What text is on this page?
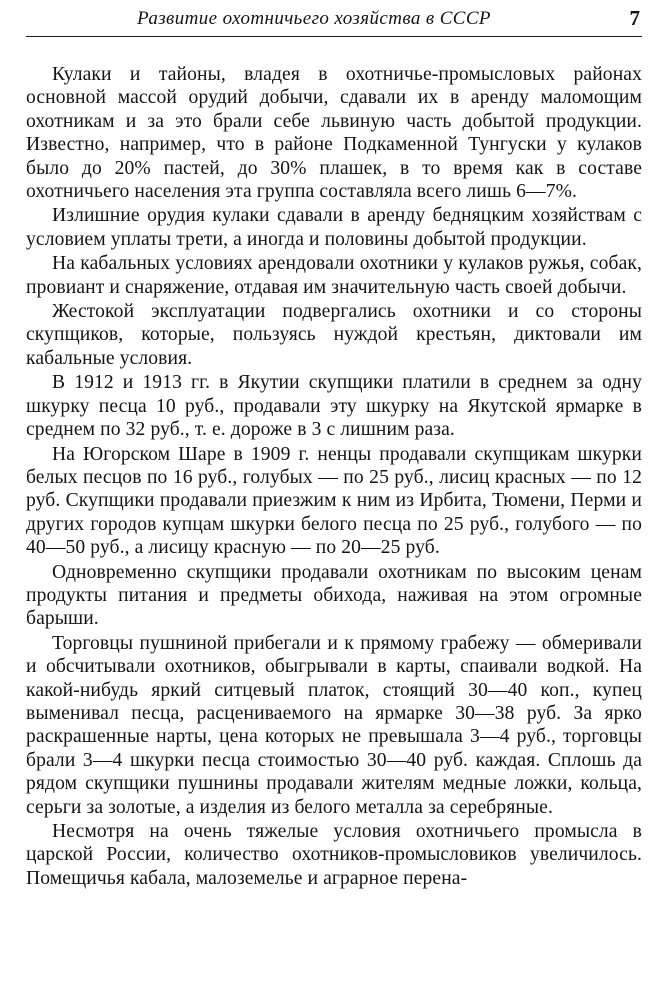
Развитие охотничьего хозяйства в СССР	7

Кулаки и тайоны, владея в охотничье-промысловых районах основной массой орудий добычи, сдавали их в аренду маломощим охотникам и за это брали себе львиную часть добытой продукции. Известно, например, что в районе Подкаменной Тунгуски у кулаков было до 20% пастей, до 30% плашек, в то время как в составе охотничьего населения эта группа составляла всего лишь 6—7%.

Излишние орудия кулаки сдавали в аренду бедняцким хозяйствам с условием уплаты трети, а иногда и половины добытой продукции.

На кабальных условиях арендовали охотники у кулаков ружья, собак, провиант и снаряжение, отдавая им значительную часть своей добычи.

Жестокой эксплуатации подвергались охотники и со стороны скупщиков, которые, пользуясь нуждой крестьян, диктовали им кабальные условия.

В 1912 и 1913 гг. в Якутии скупщики платили в среднем за одну шкурку песца 10 руб., продавали эту шкурку на Якутской ярмарке в среднем по 32 руб., т. е. дороже в 3 с лишним раза.

На Югорском Шаре в 1909 г. ненцы продавали скупщикам шкурки белых песцов по 16 руб., голубых — по 25 руб., лисиц красных — по 12 руб. Скупщики продавали приезжим к ним из Ирбита, Тюмени, Перми и других городов купцам шкурки белого песца по 25 руб., голубого — по 40—50 руб., а лисицу красную — по 20—25 руб.

Одновременно скупщики продавали охотникам по высоким ценам продукты питания и предметы обихода, наживая на этом огромные барыши.

Торговцы пушниной прибегали и к прямому грабежу — обмеривали и обсчитывали охотников, обыгрывали в карты, спаивали водкой. На какой-нибудь яркий ситцевый платок, стоящий 30—40 коп., купец выменивал песца, расцениваемого на ярмарке 30—38 руб. За ярко раскрашенные нарты, цена которых не превышала 3—4 руб., торговцы брали 3—4 шкурки песца стоимостью 30—40 руб. каждая. Сплошь да рядом скупщики пушнины продавали жителям медные ложки, кольца, серьги за золотые, а изделия из белого металла за серебряные.

Несмотря на очень тяжелые условия охотничьего промысла в царской России, количество охотников-промысловиков увеличилось. Помещичья кабала, малоземелье и аграрное перена-
